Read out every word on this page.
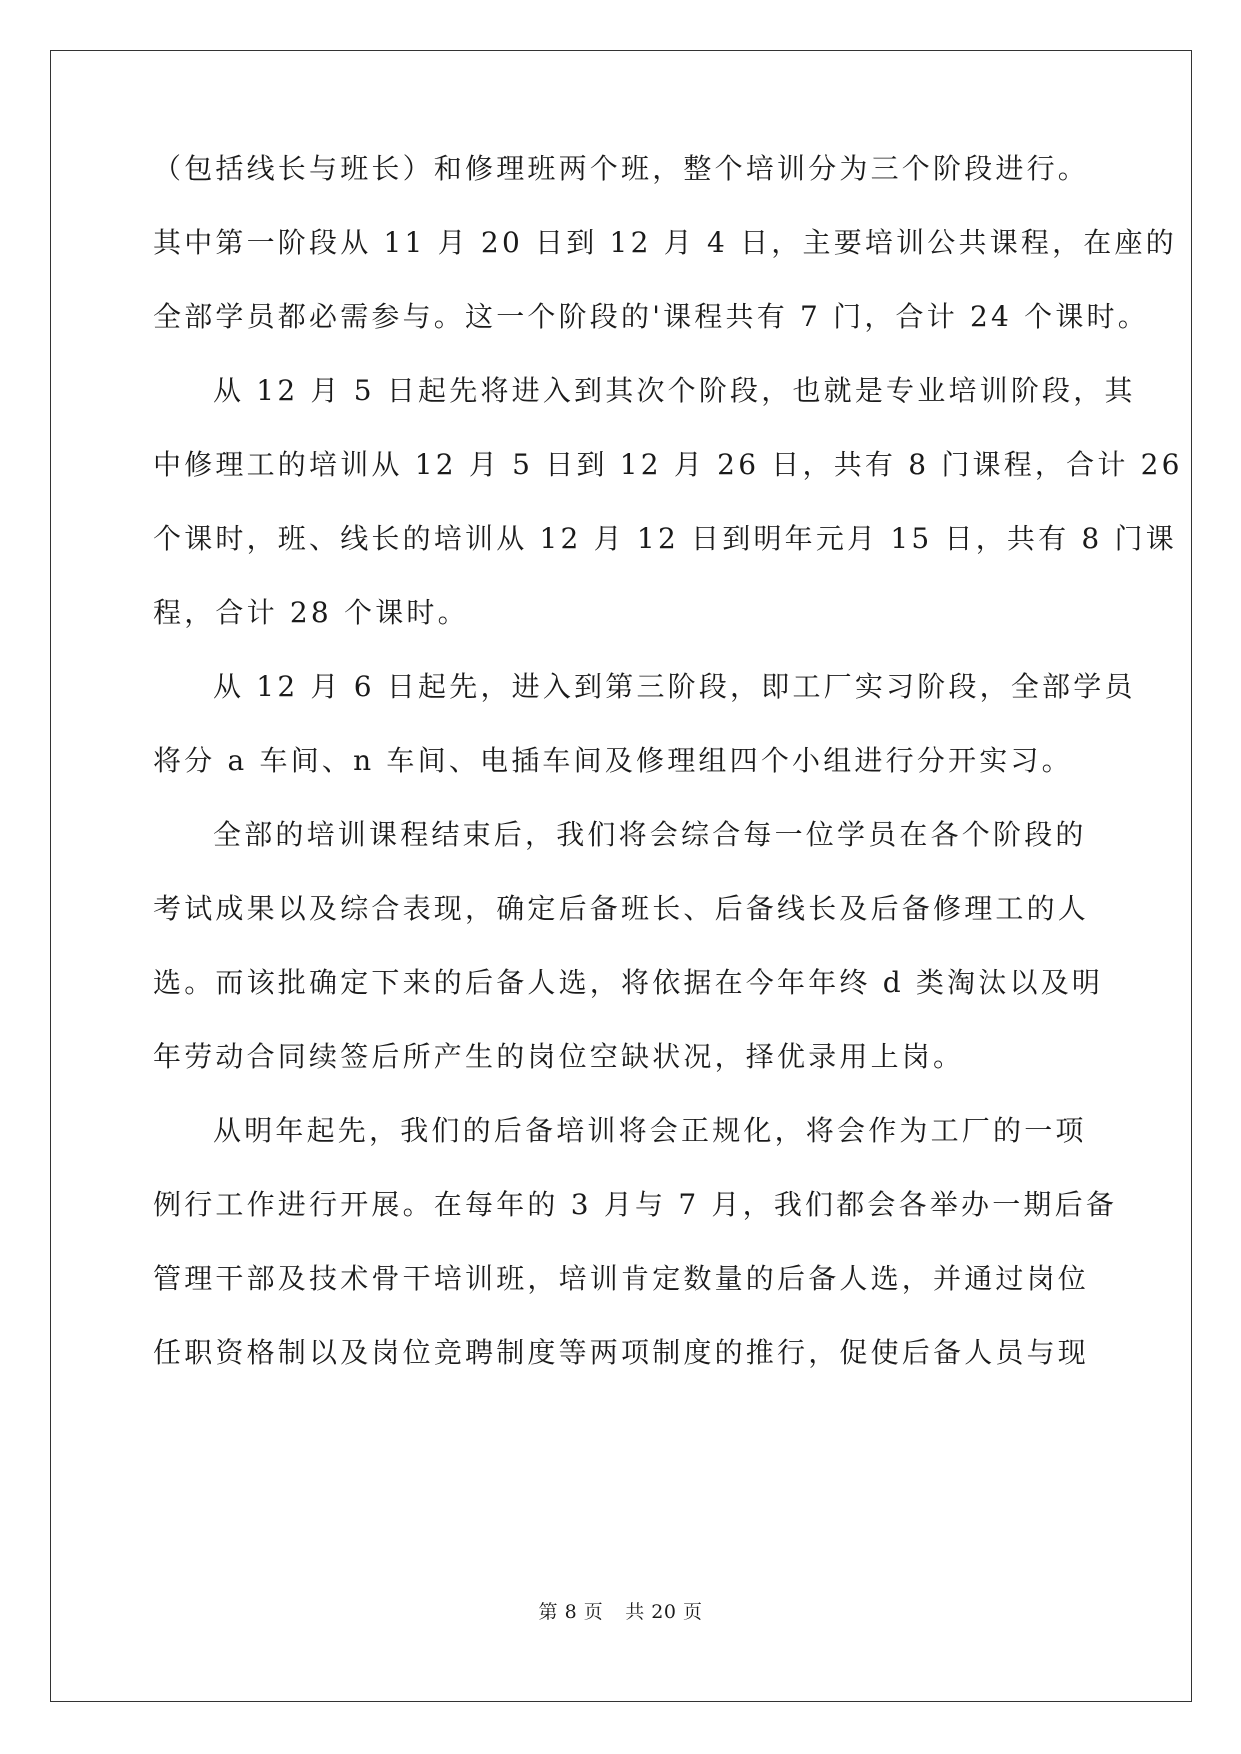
（包括线长与班长）和修理班两个班，整个培训分为三个阶段进行。
其中第一阶段从 11 月 20 日到 12 月 4 日，主要培训公共课程，在座的
全部学员都必需参与。这一个阶段的'课程共有 7 门，合计 24 个课时。
从 12 月 5 日起先将进入到其次个阶段，也就是专业培训阶段，其
中修理工的培训从 12 月 5 日到 12 月 26 日，共有 8 门课程，合计 26
个课时，班、线长的培训从 12 月 12 日到明年元月 15 日，共有 8 门课
程，合计 28 个课时。
从 12 月 6 日起先，进入到第三阶段，即工厂实习阶段，全部学员
将分 a 车间、n 车间、电插车间及修理组四个小组进行分开实习。
全部的培训课程结束后，我们将会综合每一位学员在各个阶段的
考试成果以及综合表现，确定后备班长、后备线长及后备修理工的人
选。而该批确定下来的后备人选，将依据在今年年终 d 类淘汰以及明
年劳动合同续签后所产生的岗位空缺状况，择优录用上岗。
从明年起先，我们的后备培训将会正规化，将会作为工厂的一项
例行工作进行开展。在每年的 3 月与 7 月，我们都会各举办一期后备
管理干部及技术骨干培训班，培训肯定数量的后备人选，并通过岗位
任职资格制以及岗位竞聘制度等两项制度的推行，促使后备人员与现
第 8 页 共 20 页
